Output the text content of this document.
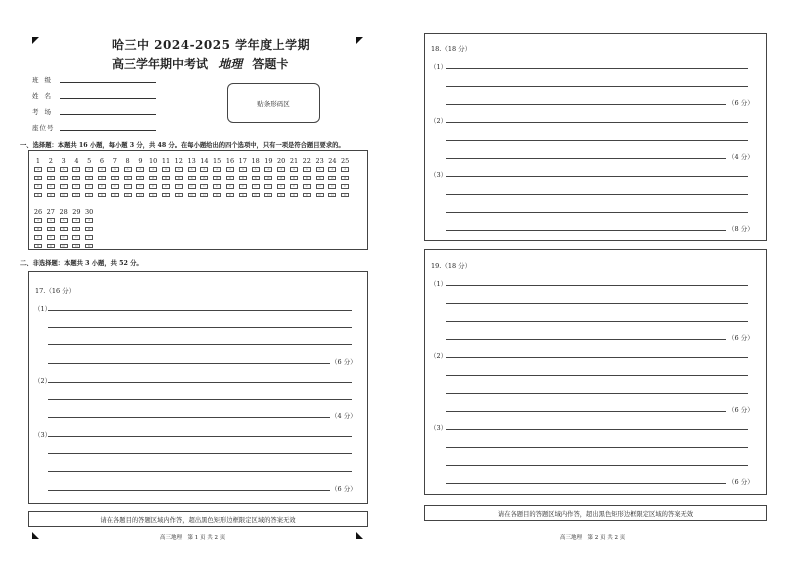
哈三中 2024-2025 学年度上学期
高三学年期中考试 地理 答题卡
班级
姓名
考场
座位号
贴条形码区
一、选择题：本题共 16 小题，每小题 3 分，共 48 分。在每小题给出的四个选项中，只有一项是符合题目要求的。
二、非选择题：本题共 3 小题，共 52 分。
17.（16 分）
请在各题目的答题区域内作答，超出黑色矩形边框限定区域的答案无效
高三地理　第 1 页 共 2 页
18.（18 分）
19.（18 分）
请在各题目的答题区域内作答，超出黑色矩形边框限定区域的答案无效
高三地理　第 2 页 共 2 页
1
A
B
C
D
2
A
B
C
D
3
A
B
C
D
4
A
B
C
D
5
A
B
C
D
6
A
B
C
D
7
A
B
C
D
8
A
B
C
D
9
A
B
C
D
10
A
B
C
D
11
A
B
C
D
12
A
B
C
D
13
A
B
C
D
14
A
B
C
D
15
A
B
C
D
16
A
B
C
D
17
A
B
C
D
18
A
B
C
D
19
A
B
C
D
20
A
B
C
D
21
A
B
C
D
22
A
B
C
D
23
A
B
C
D
24
A
B
C
D
25
A
B
C
D
26
A
B
C
D
27
A
B
C
D
28
A
B
C
D
29
A
B
C
D
30
A
B
C
D
（1）
（6 分）
（2）
（4 分）
（3）
（6 分）
（1）
（6 分）
（2）
（4 分）
（3）
（8 分）
（1）
（6 分）
（2）
（6 分）
（3）
（6 分）
